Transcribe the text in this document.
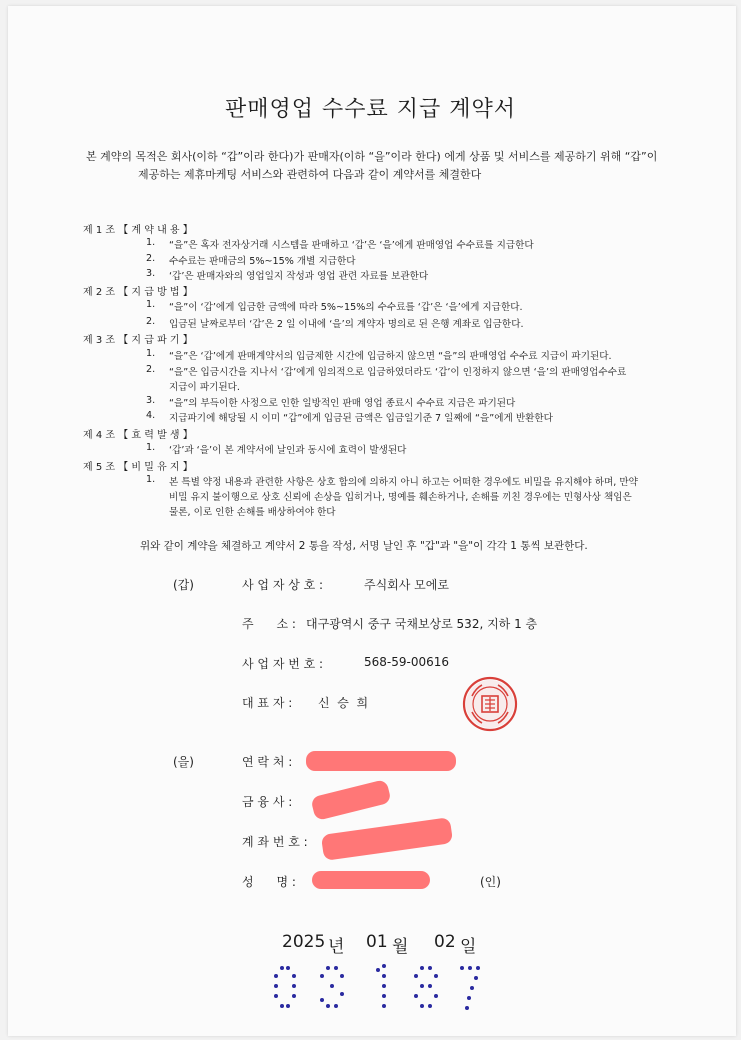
판매영업 수수료 지급 계약서
본 계약의 목적은 회사(이하 “갑”이라 한다)가 판매자(이하 “을”이라 한다) 에게 상품 및 서비스를 제공하기 위해 “갑”이
제공하는 제휴마케팅 서비스와 관련하여 다음과 같이 계약서를 체결한다
제 1 조 【 계 약 내 용 】
1. “을”은 혹자 전자상거래 시스템을 판매하고 ‘갑’은 ‘을’에게 판매영업 수수료를 지급한다
2. 수수료는 판매금의 5%~15% 개별 지급한다
3. ‘갑’은 판매자와의 영업일지 작성과 영업 관련 자료를 보관한다
제 2 조 【 지 급 방 법 】
1. “을”이 ‘갑’에게 입금한 금액에 따라 5%~15%의 수수료를 ‘갑’은 ‘을’에게 지급한다.
2. 입금된 날짜로부터 ‘갑’은 2 일 이내에 ‘을’의 계약자 명의로 된 은행 계좌로 입금한다.
제 3 조 【 지 급 파 기 】
1. “을”은 ‘갑’에게 판매계약서의 입금제한 시간에 입금하지 않으면 “을”의 판매영업 수수료 지급이 파기된다.
2. “을”은 입금시간을 지나서 ‘갑’에게 임의적으로 입금하였더라도 ‘갑’이 인정하지 않으면 ‘을’의 판매영업수수료
지급이 파기된다.
3. “을”의 부득이한 사정으로 인한 일방적인 판매 영업 종료시 수수료 지급은 파기된다
4. 지급파기에 해당될 시 이미 “갑”에게 입금된 금액은 입금일기준 7 일째에 “을”에게 반환한다
제 4 조 【 효 력 발 생 】
1. ‘갑’과 ‘을’이 본 계약서에 날인과 동시에 효력이 발생된다
제 5 조 【 비 밀 유 지 】
1. 본 특별 약정 내용과 관련한 사항은 상호 합의에 의하지 아니 하고는 어떠한 경우에도 비밀을 유지해야 하며, 만약
비밀 유지 불이행으로 상호 신뢰에 손상을 입히거나, 명예를 훼손하거나, 손해를 끼친 경우에는 민형사상 책임은
물론, 이로 인한 손해를 배상하여야 한다
위와 같이 계약을 체결하고 계약서 2 통을 작성, 서명 날인 후 "갑"과 "을"이 각각 1 통씩 보관한다.
(갑)	사 업 자 상 호 :	주식회사 모에로
주      소 : 대구광역시 중구 국채보상로 532, 지하 1 층
사 업 자 번 호 :	568-59-00616
대 표 자 : 신  승  희
(을)	연 락 처 :
금 융 사 :
계 좌 번 호 :
성      명 :	(인)
2025 년 01 월 02 일
